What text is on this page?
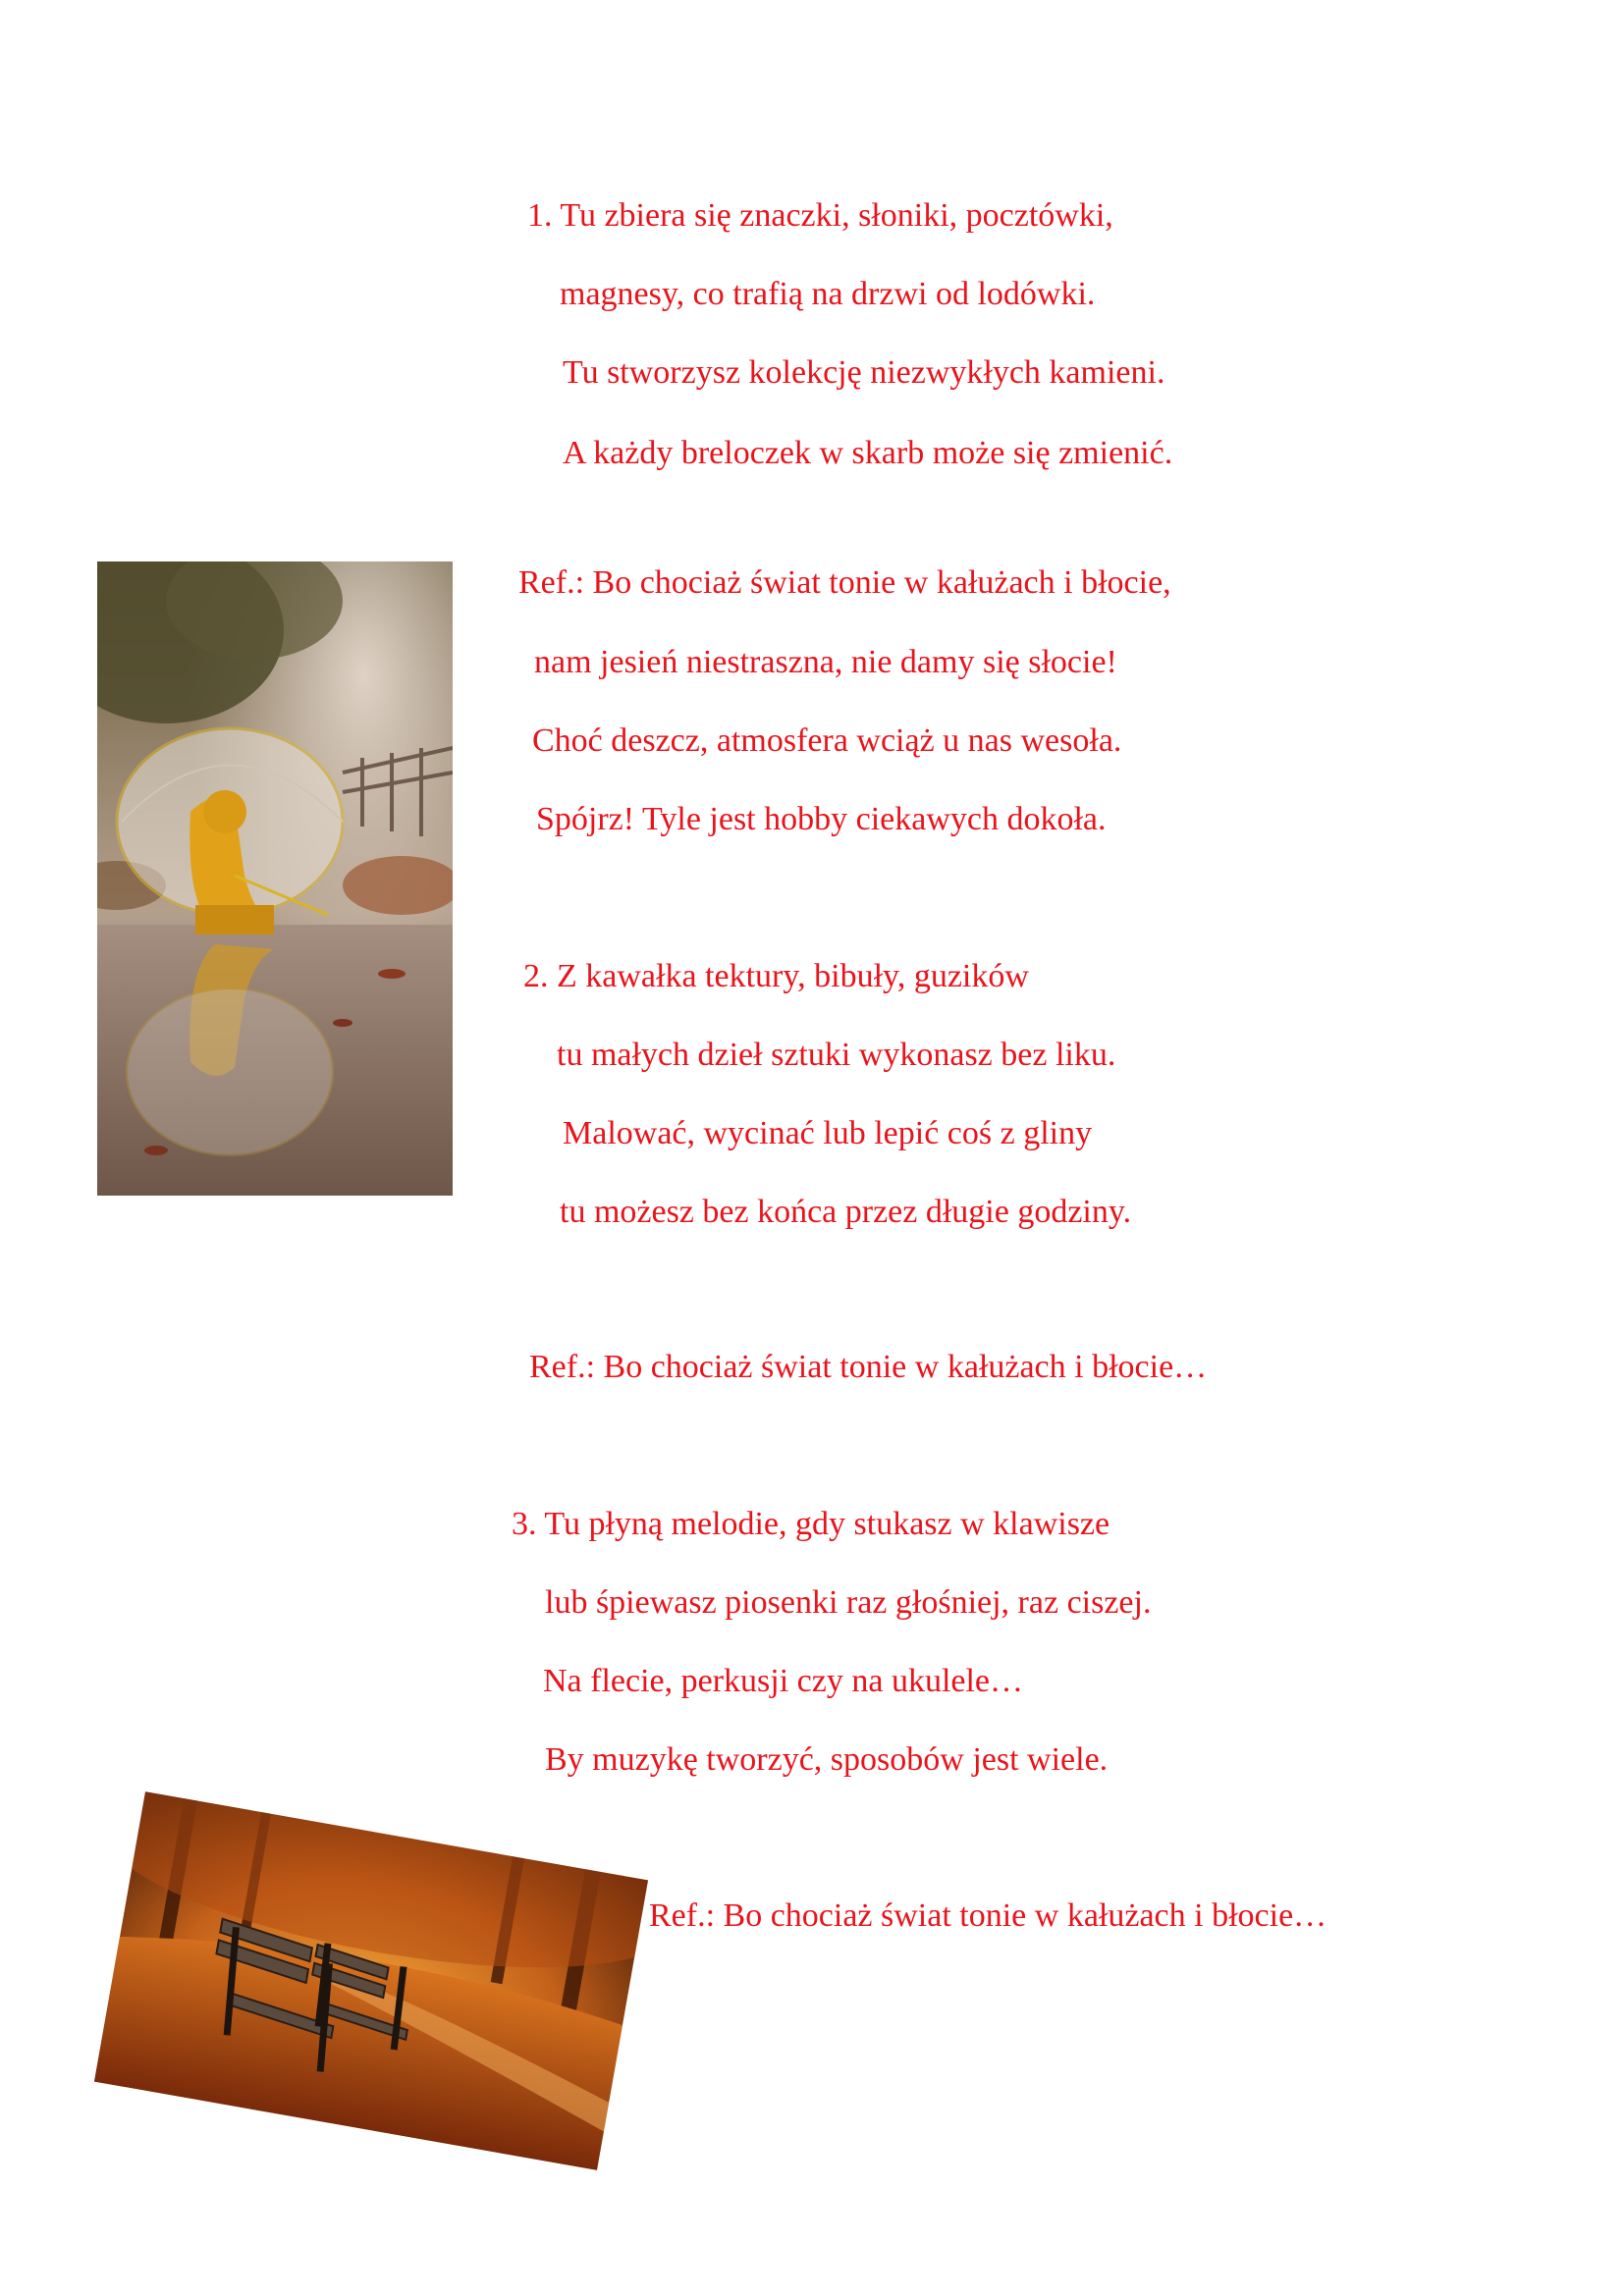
1. Tu zbiera się znaczki, słoniki, pocztówki,
magnesy, co trafią na drzwi od lodówki.
Tu stworzysz kolekcję niezwykłych kamieni.
A każdy breloczek w skarb może się zmienić.
Ref.: Bo chociaż świat tonie w kałużach i błocie,
nam jesień niestraszna, nie damy się słocie!
Choć deszcz, atmosfera wciąż u nas wesoła.
Spójrz! Tyle jest hobby ciekawych dokoła.
2. Z kawałka tektury, bibuły, guzików
tu małych dzieł sztuki wykonasz bez liku.
Malować, wycinać lub lepić coś z gliny
tu możesz bez końca przez długie godziny.
Ref.: Bo chociaż świat tonie w kałużach i błocie…
3. Tu płyną melodie, gdy stukasz w klawisze
lub śpiewasz piosenki raz głośniej, raz ciszej.
Na flecie, perkusji czy na ukulele…
By muzykę tworzyć, sposobów jest wiele.
Ref.: Bo chociaż świat tonie w kałużach i błocie…
